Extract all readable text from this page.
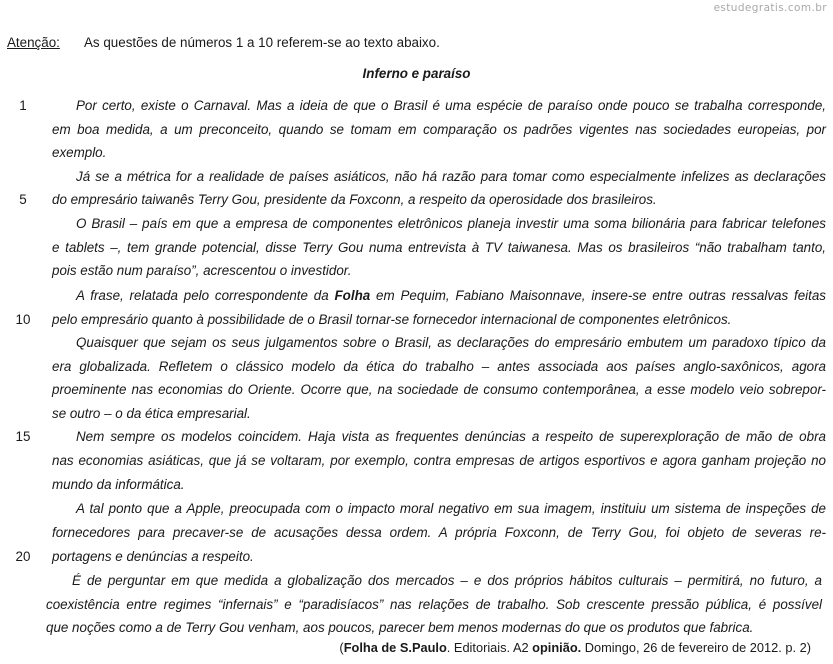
estudegratis.com.br
Atenção: As questões de números 1 a 10 referem-se ao texto abaixo.
Inferno e paraíso
1
5
10
15
20
Por certo, existe o Carnaval. Mas a ideia de que o Brasil é uma espécie de paraíso onde pouco se trabalha corresponde,
em boa medida, a um preconceito, quando se tomam em comparação os padrões vigentes nas sociedades europeias, por
exemplo.
Já se a métrica for a realidade de países asiáticos, não há razão para tomar como especialmente infelizes as declarações
do empresário taiwanês Terry Gou, presidente da Foxconn, a respeito da operosidade dos brasileiros.
O Brasil – país em que a empresa de componentes eletrônicos planeja investir uma soma bilionária para fabricar telefones
e tablets –, tem grande potencial, disse Terry Gou numa entrevista à TV taiwanesa. Mas os brasileiros “não trabalham tanto,
pois estão num paraíso”, acrescentou o investidor.
A frase, relatada pelo correspondente da Folha em Pequim, Fabiano Maisonnave, insere-se entre outras ressalvas feitas
pelo empresário quanto à possibilidade de o Brasil tornar-se fornecedor internacional de componentes eletrônicos.
Quaisquer que sejam os seus julgamentos sobre o Brasil, as declarações do empresário embutem um paradoxo típico da
era globalizada. Refletem o clássico modelo da ética do trabalho – antes associada aos países anglo-saxônicos, agora
proeminente nas economias do Oriente. Ocorre que, na sociedade de consumo contemporânea, a esse modelo veio sobrepor-
se outro – o da ética empresarial.
Nem sempre os modelos coincidem. Haja vista as frequentes denúncias a respeito de superexploração de mão de obra
nas economias asiáticas, que já se voltaram, por exemplo, contra empresas de artigos esportivos e agora ganham projeção no
mundo da informática.
A tal ponto que a Apple, preocupada com o impacto moral negativo em sua imagem, instituiu um sistema de inspeções de
fornecedores para precaver-se de acusações dessa ordem. A própria Foxconn, de Terry Gou, foi objeto de severas re-
portagens e denúncias a respeito.
É de perguntar em que medida a globalização dos mercados – e dos próprios hábitos culturais – permitirá, no futuro, a
coexistência entre regimes “infernais” e “paradisíacos” nas relações de trabalho. Sob crescente pressão pública, é possível
que noções como a de Terry Gou venham, aos poucos, parecer bem menos modernas do que os produtos que fabrica.
(Folha de S.Paulo. Editoriais. A2 opinião. Domingo, 26 de fevereiro de 2012. p. 2)
